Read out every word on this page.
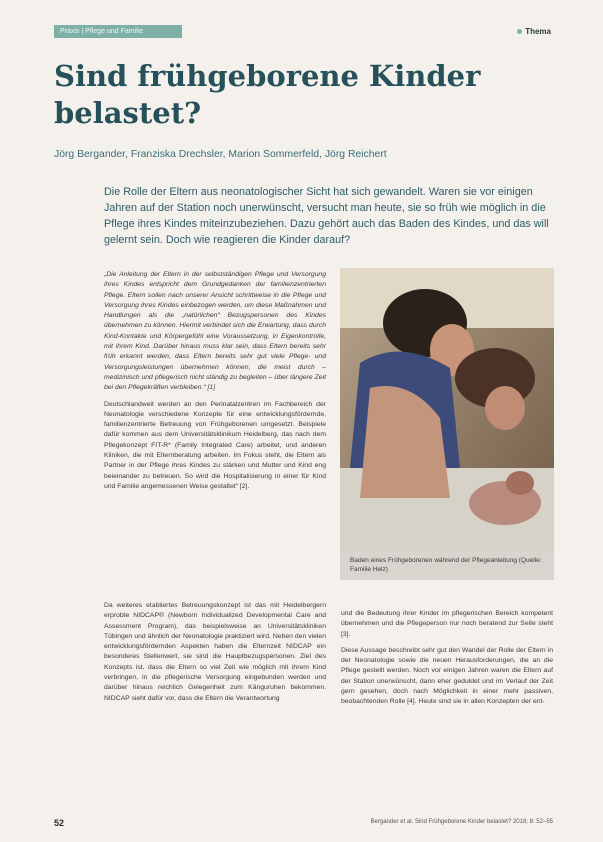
Praxis | Pflege und Familie	Thema
Sind frühgeborene Kinder belastet?
Jörg Bergander, Franziska Drechsler, Marion Sommerfeld, Jörg Reichert

Die Rolle der Eltern aus neonatologischer Sicht hat sich gewandelt. Waren sie vor einigen Jahren auf der Station noch unerwünscht, versucht man heute, sie so früh wie möglich in die Pflege ihres Kindes miteinzubeziehen. Dazu gehört auch das Baden des Kindes, und das will gelernt sein. Doch wie reagieren die Kinder darauf?

„Die Anleitung der Eltern in der selbstständigen Pflege und Versorgung ihres Kindes entspricht dem Grundgedanken der familienzentrierten Pflege. Eltern sollen nach unserer Ansicht schrittweise in die Pflege und Versorgung ihres Kindes einbezogen werden, um diese Maßnahmen und Handlungen als die „natürlichen“ Bezugspersonen des Kindes übernehmen zu können. Hiermit verbindet sich die Erwartung, dass durch Kind-Kontakte und Körpergefühl eine Voraussetzung, in Eigenkontrolle, mit ihrem Kind. Darüber hinaus muss klar sein, dass Eltern bereits sehr früh erkannt werden, dass Eltern bereits sehr gut viele Pflege- und Versorgungsleistungen übernehmen können, die meist durch – medizinisch und pflegerisch nicht ständig zu begleiten – über längere Zeit bei den Pflegekräften verbleiben.“ [1]

Deutschlandweit werden an den Perinatalzentren im Fachbereich der Neonatologie verschiedene Konzepte für eine entwicklungsfördernde, familienzentrierte Betreuung von Frühgeborenen umgesetzt. Beispiele dafür kommen aus dem Universitätsklinikum Heidelberg, das nach dem Pflegekonzept FIT-R* (Family Integrated Care) arbeitet, und anderen Kliniken, die mit Elternberatung arbeiten. Im Fokus steht, die Eltern als Partner in der Pflege ihres Kindes zu stärken und Mutter und Kind eng beieinander zu betreuen. So wird die Hospitalisierung in einer für Kind und Familie angemessenen Weise gestaltet“ [2].

Baden eines Frühgeborenen während der Pflegeanleitung (Quelle: Familie Helz)

Da weiteres etabliertes Betreuungskonzept ist das mit Heidelbergern erprobte NIDCAP® (Newborn Individualized Developmental Care and Assessment Program), das beispielsweise an Universitätskliniken Tübingen und ähnlich der Neonatologie praktiziert wird. Neben den vielen entwicklungsfördernden Aspekten haben die Elternzeit NIDCAP ein besonderes Stellenwert, sie sind die Hauptbezugspersonen. Ziel des Konzepts ist, dass die Eltern so viel Zeit wie möglich mit ihrem Kind verbringen, in die pflegerische Versorgung eingebunden werden und darüber hinaus reichlich Gelegenheit zum Känguruhen bekommen. NIDCAP sieht dafür vor, dass die Eltern die Verantwortung

und die Bedeutung ihrer Kinder im pflegerischen Bereich kompetent übernehmen und die Pflegeperson nur noch beratend zur Seite steht [3].

Diese Aussage beschreibt sehr gut den Wandel der Rolle der Eltern in der Neonatologie sowie die neuen Herausforderungen, die an die Pflege gestellt werden. Noch vor einigen Jahren waren die Eltern auf der Station unerwünscht, dann eher geduldet und im Verlauf der Zeit gern gesehen, doch nach Möglichkeit in einer mehr passiven, beobachtenden Rolle [4]. Heute sind sie in allen Konzepten der ent-

52	Bergander et al. Sind Frühgeborene Kinder belastet? 2018; 8: 52–55
